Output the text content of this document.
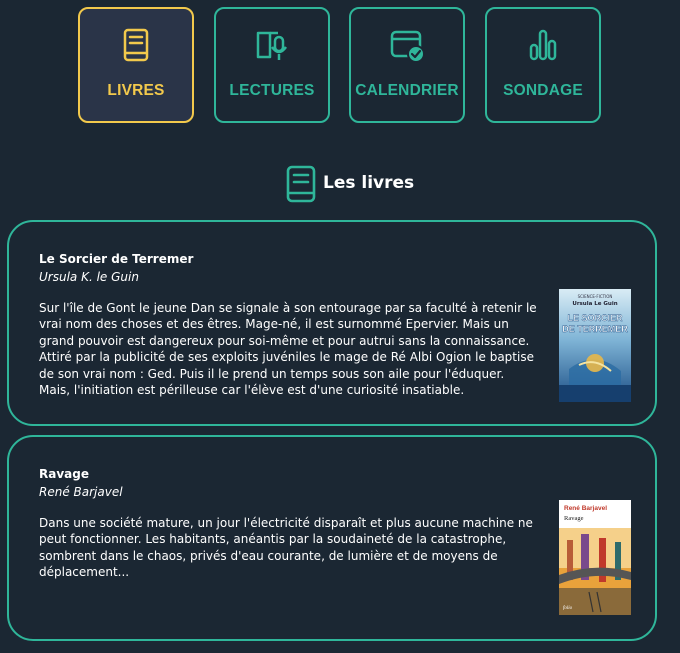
LIVRES	LECTURES	CALENDRIER	SONDAGE
Les livres
Le Sorcier de Terremer
Ursula K. le Guin
Sur l'île de Gont le jeune Dan se signale à son entourage par sa faculté à retenir le vrai nom des choses et des êtres. Mage-né, il est surnommé Epervier. Mais un grand pouvoir est dangereux pour soi-même et pour autrui sans la connaissance. Attiré par la publicité de ses exploits juvéniles le mage de Ré Albi Ogion le baptise de son vrai nom : Ged. Puis il le prend un temps sous son aile pour l'éduquer. Mais, l'initiation est périlleuse car l'élève est d'une curiosité insatiable.
SCIENCE-FICTION
Ursula Le Guin
LE SORCIER
DE TERREMER
Ravage
René Barjavel
Dans une société mature, un jour l'électricité disparaît et plus aucune machine ne peut fonctionner. Les habitants, anéantis par la soudaineté de la catastrophe, sombrent dans le chaos, privés d'eau courante, de lumière et de moyens de déplacement...
René Barjavel
Ravage
folio
